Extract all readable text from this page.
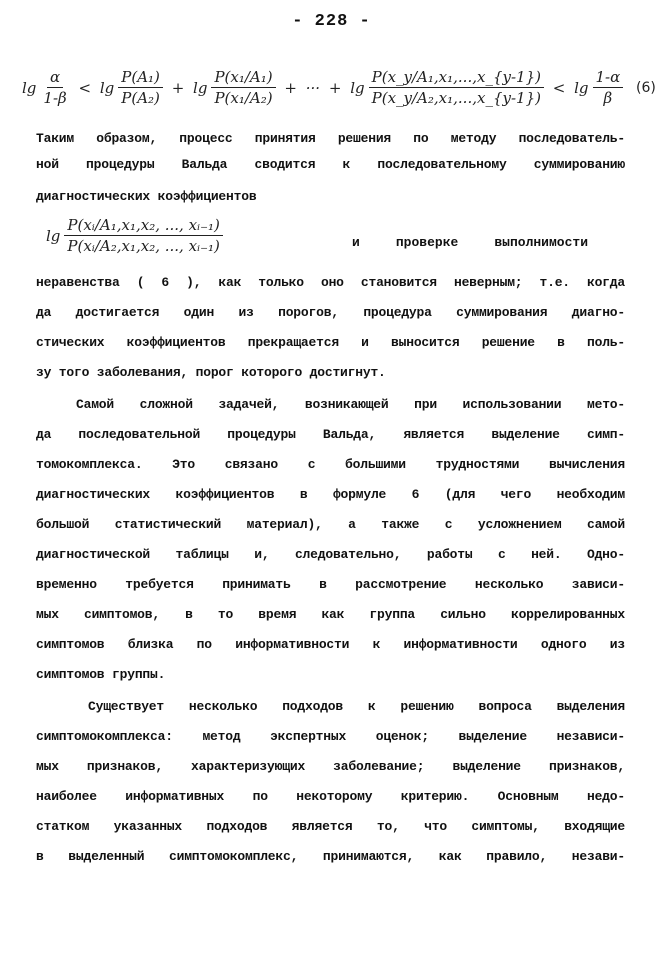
- 228 -
$\lg \frac{\alpha}{1-\beta} < \lg \frac{\text{P(A₁)}}{\text{P(A₂)}} + \lg \frac{\text{P(x₁/A₁)}}{\text{P(x₁/A₂)}}$ + ··· + $\lg \frac{\text{P(x\_y/A₁,x₁,...,x\_\{y-1\})}}{\text{P(x\_y/A₂,x₁,...,x\_\{y-1\})}} < \lg \frac{1-\alpha}{\beta} (6)$
Таким образом, процесс принятия решения по методу последователь-
ной процедуры Вальда сводится к последовательному суммированию
диагностических коэффициентов
$\lg \frac{\text{P(xᵢ/A₁,x₁,x₂, ..., xᵢ₋₁)}}{\text{P(xᵢ/A₂,x₁,x₂, ..., xᵢ₋₁)}}$	и проверке выполнимости
неравенства ( 6 ), как только оно становится неверным; т.е. когда
да достигается один из порогов, процедура суммирования диагно-
стических коэффициентов прекращается и выносится решение в поль-
зу того заболевания, порог которого достигнут.
Самой сложной задачей, возникающей при использовании мето-
да последовательной процедуры Вальда, является выделение симп-
томокомплекса. Это связано с большими трудностями вычисления
диагностических коэффициентов в формуле 6 (для чего необходим
большой статистический материал), а также с усложнением самой
диагностической таблицы и, следовательно, работы с ней. Одно-
временно требуется принимать в рассмотрение несколько зависи-
мых симптомов, в то время как группа сильно коррелированных
симптомов близка по информативности к информативности одного из
симптомов группы.
Существует несколько подходов к решению вопроса выделения
симптомокомплекса: метод экспертных оценок; выделение независи-
мых признаков, характеризующих заболевание; выделение признаков,
наиболее информативных по некоторому критерию. Основным недо-
статком указанных подходов является то, что симптомы, входящие
в выделенный симптомокомплекс, принимаются, как правило, незави-
